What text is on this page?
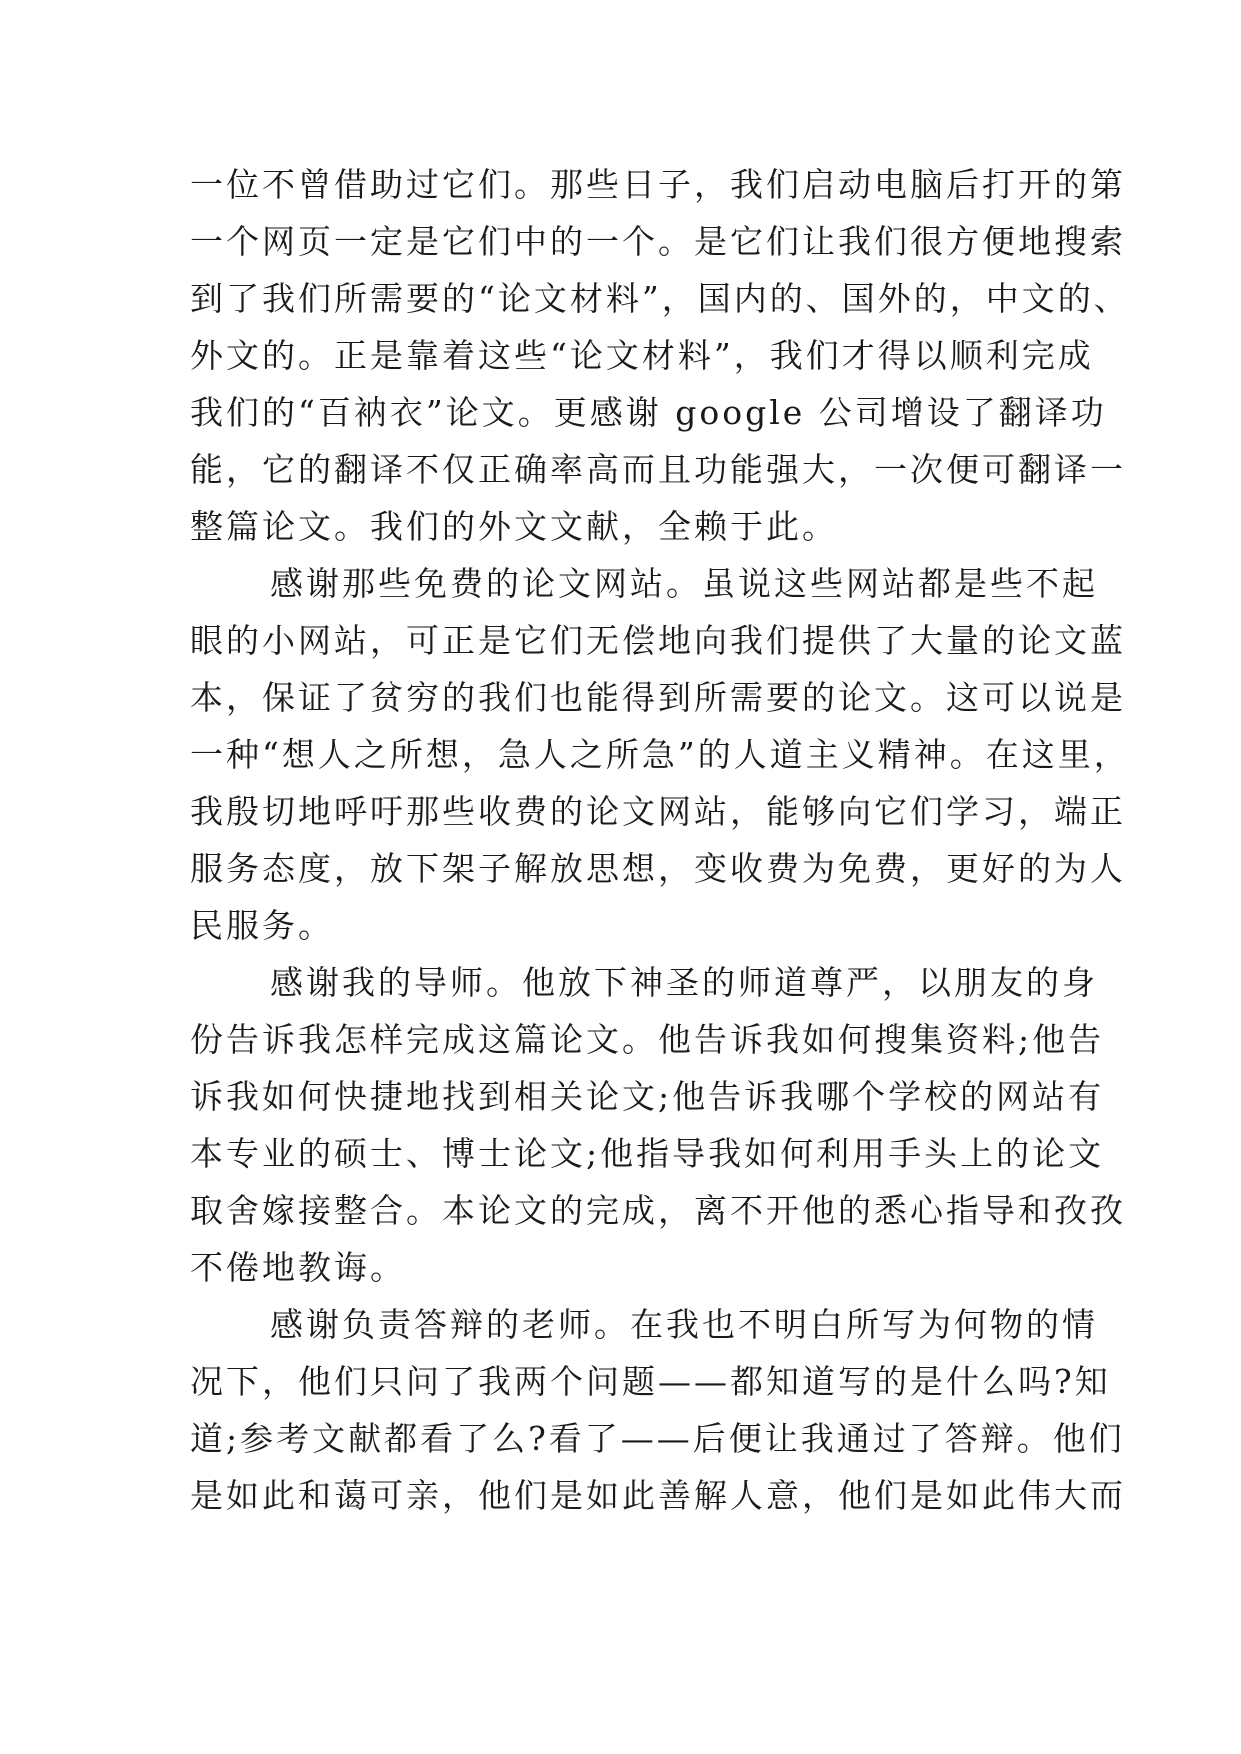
一位不曾借助过它们。那些日子，我们启动电脑后打开的第
一个网页一定是它们中的一个。是它们让我们很方便地搜索
到了我们所需要的“论文材料”，国内的、国外的，中文的、
外文的。正是靠着这些“论文材料”，我们才得以顺利完成
我们的“百衲衣”论文。更感谢 google 公司增设了翻译功
能，它的翻译不仅正确率高而且功能强大，一次便可翻译一
整篇论文。我们的外文文献，全赖于此。
感谢那些免费的论文网站。虽说这些网站都是些不起
眼的小网站，可正是它们无偿地向我们提供了大量的论文蓝
本，保证了贫穷的我们也能得到所需要的论文。这可以说是
一种“想人之所想，急人之所急”的人道主义精神。在这里，
我殷切地呼吁那些收费的论文网站，能够向它们学习，端正
服务态度，放下架子解放思想，变收费为免费，更好的为人
民服务。
感谢我的导师。他放下神圣的师道尊严，以朋友的身
份告诉我怎样完成这篇论文。他告诉我如何搜集资料;他告
诉我如何快捷地找到相关论文;他告诉我哪个学校的网站有
本专业的硕士、博士论文;他指导我如何利用手头上的论文
取舍嫁接整合。本论文的完成，离不开他的悉心指导和孜孜
不倦地教诲。
感谢负责答辩的老师。在我也不明白所写为何物的情
况下，他们只问了我两个问题——都知道写的是什么吗?知
道;参考文献都看了么?看了——后便让我通过了答辩。他们
是如此和蔼可亲，他们是如此善解人意，他们是如此伟大而
